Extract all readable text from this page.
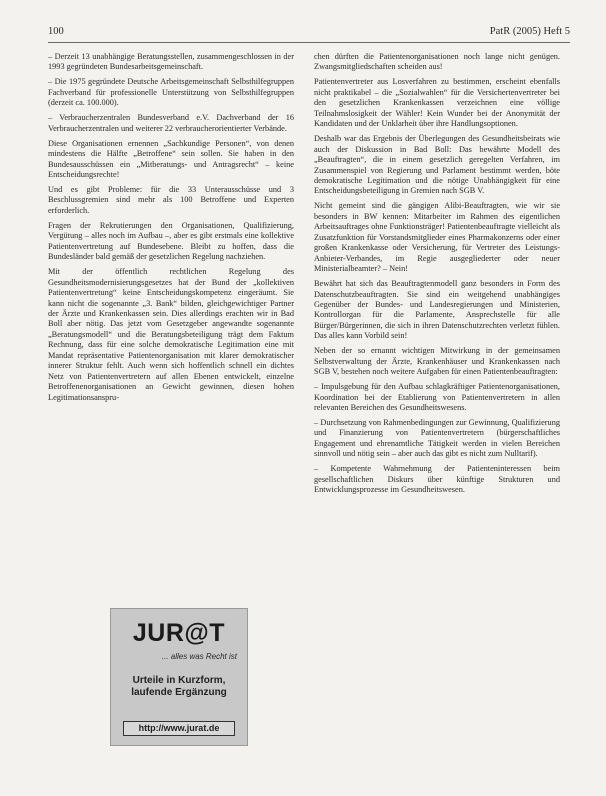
100	PatR (2005) Heft 5

– Derzeit 13 unabhängige Beratungsstellen, zusammengeschlossen in der 1993 gegründeten Bundesarbeitsgemeinschaft.

– Die 1975 gegründete Deutsche Arbeitsgemeinschaft Selbsthilfegruppen Fachverband für professionelle Unterstützung von Selbsthilfegruppen (derzeit ca. 100.000).

– Verbraucherzentralen Bundesverband e.V. Dachverband der 16 Verbraucherzentralen und weiterer 22 verbraucherorientierter Verbände.

Diese Organisationen ernennen „Sachkundige Personen“, von denen mindestens die Hälfte „Betroffene“ sein sollen. Sie haben in den Bundesausschüssen ein „Mitberatungs- und Antragsrecht“ – keine Entscheidungsrechte!

Und es gibt Probleme: für die 33 Unterausschüsse und 3 Beschlussgremien sind mehr als 100 Betroffene und Experten erforderlich.

Fragen der Rekrutierungen den Organisationen, Qualifizierung, Vergütung – alles noch im Aufbau –, aber es gibt erstmals eine kollektive Patientenvertretung auf Bundesebene. Bleibt zu hoffen, dass die Bundesländer bald gemäß der gesetzlichen Regelung nachziehen.

Mit der öffentlich rechtlichen Regelung des Gesundheitsmodernisierungsgesetzes hat der Bund der „kollektiven Patientenvertretung“ keine Entscheidungskompetenz eingeräumt. Sie kann nicht die sogenannte „3. Bank“ bilden, gleichgewichtiger Partner der Ärzte und Krankenkassen sein. Dies allerdings erachten wir in Bad Boll aber nötig. Das jetzt vom Gesetzgeber angewandte sogenannte „Beratungsmodell“ und die Beratungsbeteiligung trägt dem Faktum Rechnung, dass für eine solche demokratische Legitimation eine mit Mandat repräsentative Patientenorganisation mit klarer demokratischer innerer Struktur fehlt. Auch wenn sich hoffentlich schnell ein dichtes Netz von Patientenvertretern auf allen Ebenen entwickelt, einzelne Betroffenenorganisationen an Gewicht gewinnen, diesen hohen Legitimationsanspru-

chen dürften die Patientenorganisationen noch lange nicht genügen. Zwangsmitgliedschaften scheiden aus!

Patientenvertreter aus Losverfahren zu bestimmen, erscheint ebenfalls nicht praktikabel – die „Sozialwahlen“ für die Versichertenvertreter bei den gesetzlichen Krankenkassen verzeichnen eine völlige Teilnahmslosigkeit der Wähler! Kein Wunder bei der Anonymität der Kandidaten und der Unklarheit über ihre Handlungsoptionen.

Deshalb war das Ergebnis der Überlegungen des Gesundheitsbeirats wie auch der Diskussion in Bad Boll: Das bewährte Modell des „Beauftragten“, die in einem gesetzlich geregelten Verfahren, im Zusammenspiel von Regierung und Parlament bestimmt werden, böte demokratische Legitimation und die nötige Unabhängigkeit für eine Entscheidungsbeteiligung in Gremien nach SGB V.

Nicht gemeint sind die gängigen Alibi-Beauftragten, wie wir sie besonders in BW kennen: Mitarbeiter im Rahmen des eigentlichen Arbeitsauftrages ohne Funktionsträger! Patientenbeauftragte vielleicht als Zusatzfunktion für Vorstandsmitglieder eines Pharmakonzerns oder einer großen Krankenkasse oder Versicherung, für Vertreter des Leistungs-Anbieter-Verbandes, im Regie ausgegliederter oder neuer Ministerialbeamter? – Nein!

Bewährt hat sich das Beauftragtenmodell ganz besonders in Form des Datenschutzbeauftragten. Sie sind ein weitgehend unabhängiges Gegenüber der Bundes- und Landesregierungen und Ministerien, Kontrollorgan für die Parlamente, Ansprechstelle für alle Bürger/Bürgerinnen, die sich in ihren Datenschutzrechten verletzt fühlen. Das alles kann Vorbild sein!

Neben der so ernannt wichtigen Mitwirkung in der gemeinsamen Selbstverwaltung der Ärzte, Krankenhäuser und Krankenkassen nach SGB V, bestehen noch weitere Aufgaben für einen Patientenbeauftragten:

– Impulsgebung für den Aufbau schlagkräftiger Patientenorganisationen, Koordination bei der Etablierung von Patientenvertretern in allen relevanten Bereichen des Gesundheitswesens.

– Durchsetzung von Rahmenbedingungen zur Gewinnung, Qualifizierung und Finanzierung von Patientenvertretern (bürgerschaftliches Engagement und ehrenamtliche Tätigkeit werden in vielen Bereichen sinnvoll und nötig sein – aber auch das gibt es nicht zum Nulltarif).

– Kompetente Wahrnehmung der Patienteninteressen beim gesellschaftlichen Diskurs über künftige Strukturen und Entwicklungsprozesse im Gesundheitswesen.

JUR@T
... alles was Recht ist
Urteile in Kurzform,
laufende Ergänzung
http://www.jurat.de
